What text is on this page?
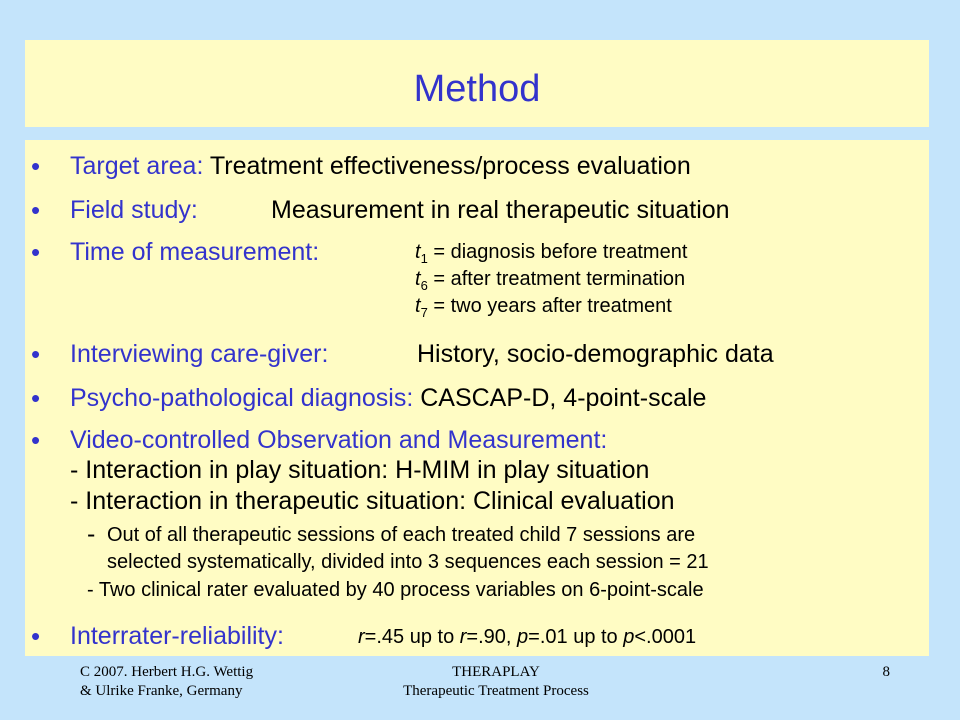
Method
• Target area: Treatment effectiveness/process evaluation
• Field study:	Measurement in real therapeutic situation
• Time of measurement:	$t_1$ = diagnosis before treatment
$t_6$ = after treatment termination
$t_7$ = two years after treatment
• Interviewing care-giver:	History, socio-demographic data
• Psycho-pathological diagnosis: CASCAP-D, 4-point-scale
• Video-controlled Observation and Measurement:
- Interaction in play situation: H-MIM in play situation
- Interaction in therapeutic situation: Clinical evaluation
- Out of all therapeutic sessions of each treated child 7 sessions are
selected systematically, divided into 3 sequences each session = 21
- Two clinical rater evaluated by 40 process variables on 6-point-scale
• Interrater-reliability:	r=.45 up to r=.90, p=.01 up to p<.0001
C 2007. Herbert H.G. Wettig
& Ulrike Franke, Germany
THERAPLAY
Therapeutic Treatment Process
8
